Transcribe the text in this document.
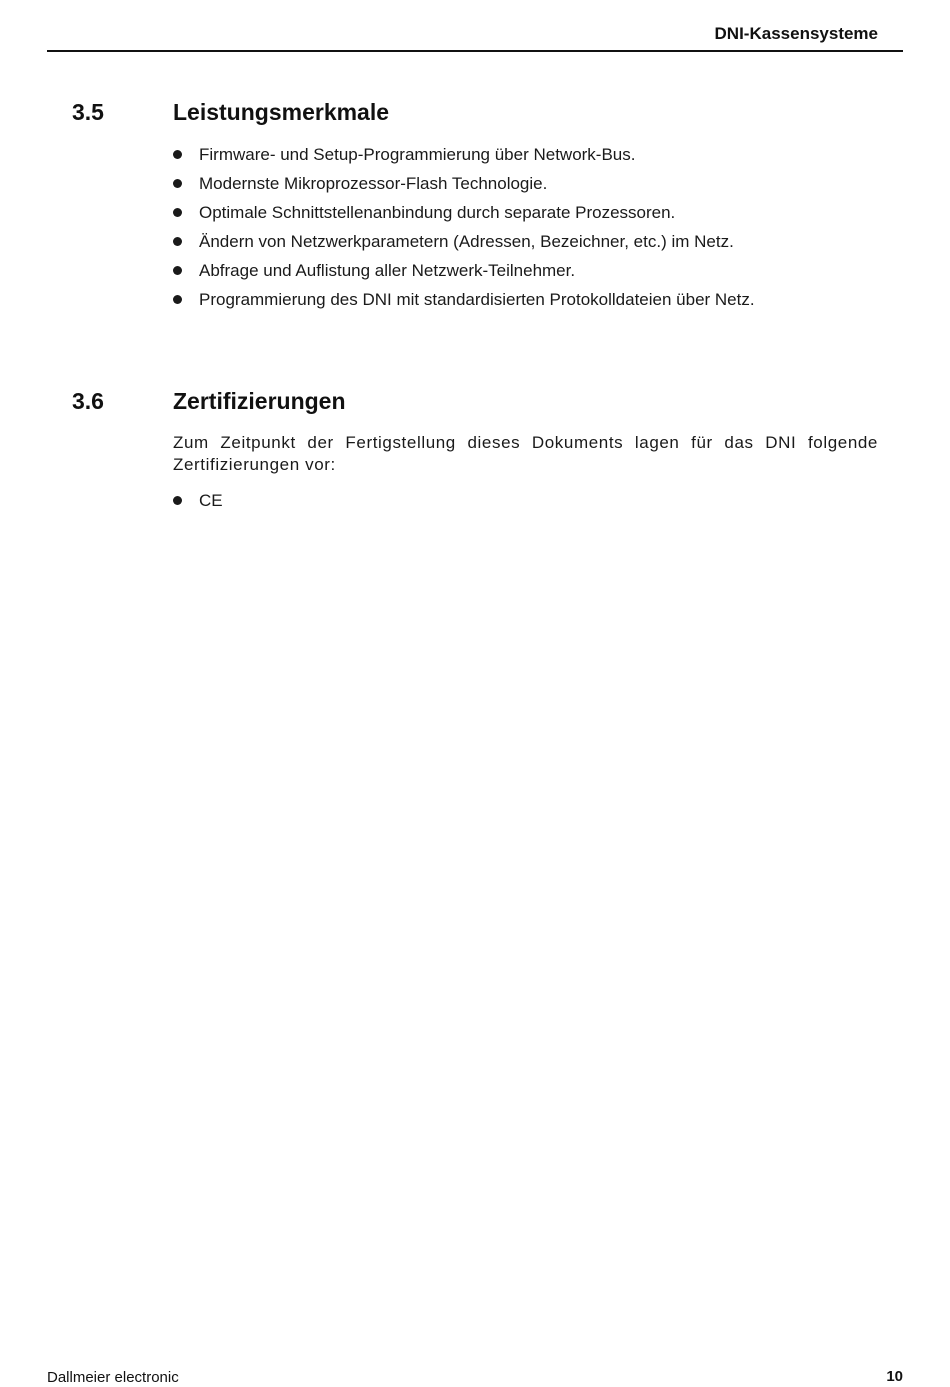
DNI-Kassensysteme
3.5	Leistungsmerkmale
Firmware- und Setup-Programmierung über Network-Bus.
Modernste Mikroprozessor-Flash Technologie.
Optimale Schnittstellenanbindung durch separate Prozessoren.
Ändern von Netzwerkparametern (Adressen, Bezeichner, etc.) im Netz.
Abfrage und Auflistung aller Netzwerk-Teilnehmer.
Programmierung des DNI mit standardisierten Protokolldateien über Netz.
3.6	Zertifizierungen

Zum Zeitpunkt der Fertigstellung dieses Dokuments lagen für das DNI folgende Zertifizierungen vor:

CE
Dallmeier electronic	10
